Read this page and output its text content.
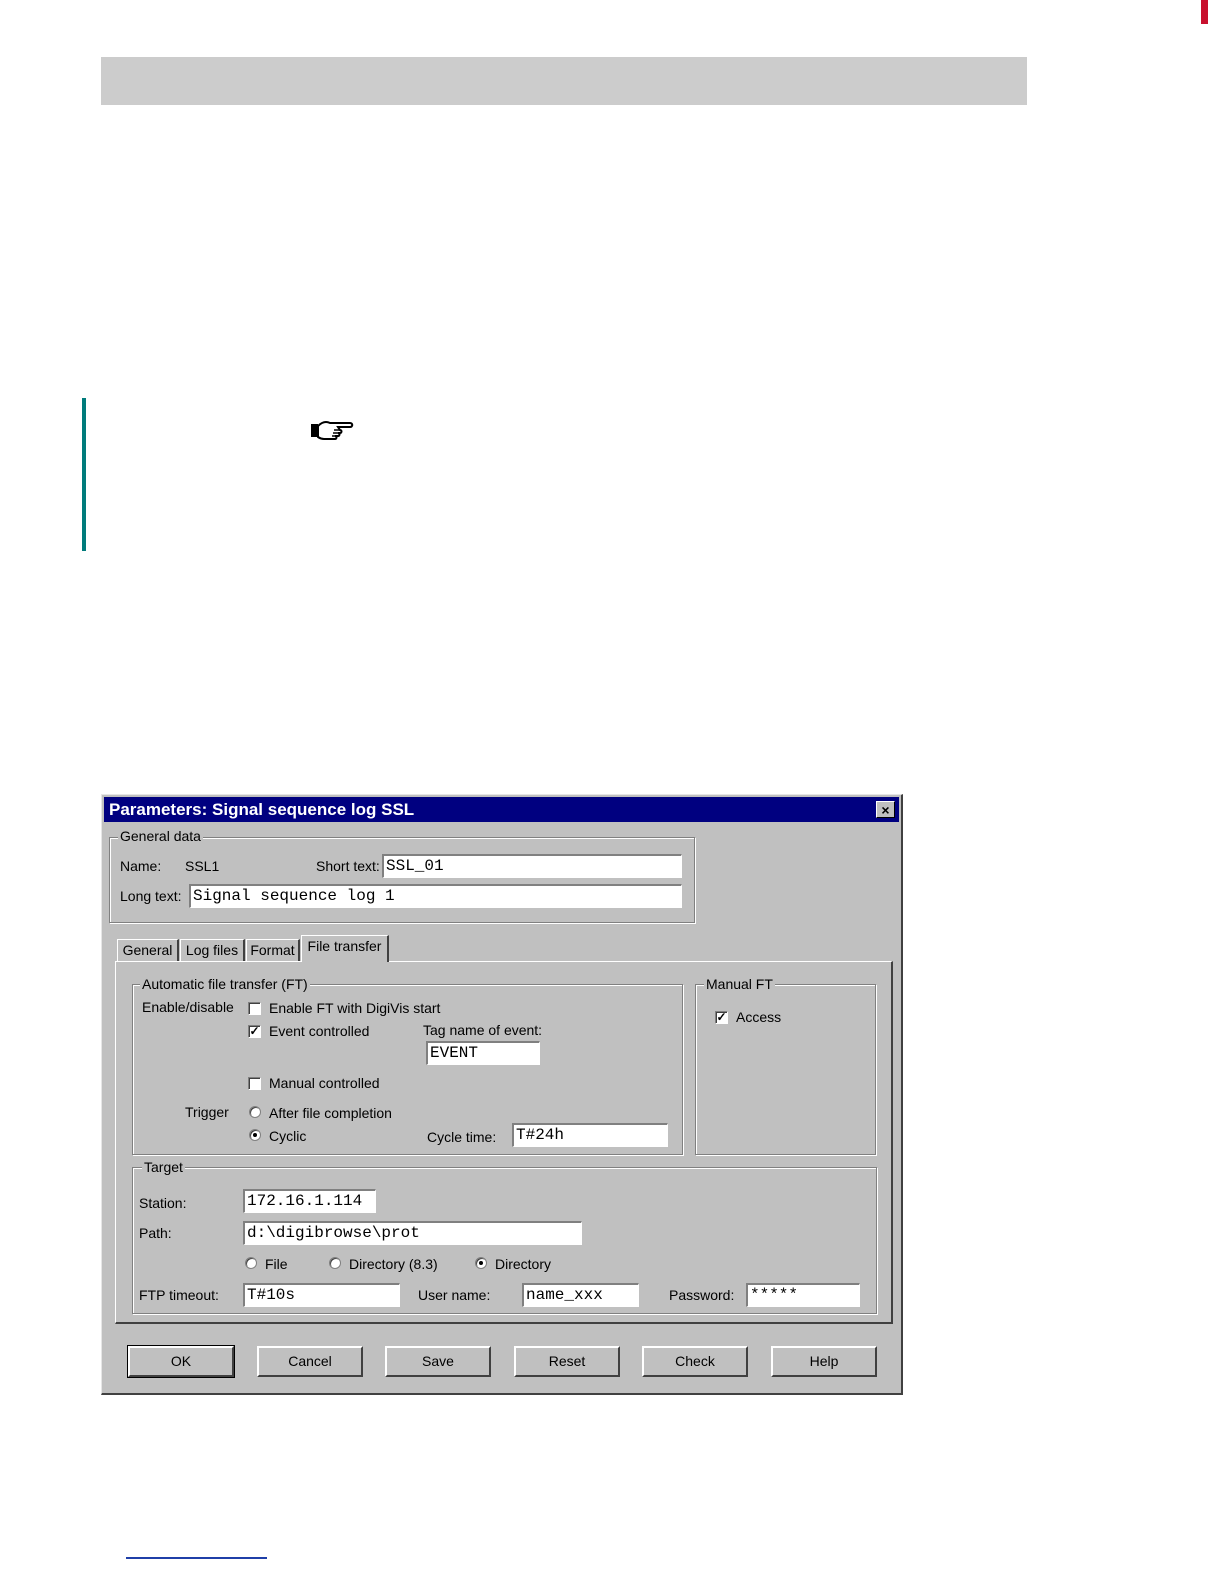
Parameters: Signal sequence log SSL	×
General data
Name: SSL1	Short text: SSL_01
Long text: Signal sequence log 1
General Log files Format File transfer
Automatic file transfer (FT)
Enable/disable	Enable FT with DigiVis start
✓ Event controlled	Tag name of event:
EVENT
Manual controlled
Trigger	After file completion
Cyclic	Cycle time: T#24h
Manual FT
✓ Access
Target
Station:	172.16.1.114
Path:	d:\digibrowse\prot
File	Directory (8.3)	Directory
FTP timeout: T#10s	User name: name_xxx	Password: *****
OK	Cancel	Save	Reset	Check	Help
